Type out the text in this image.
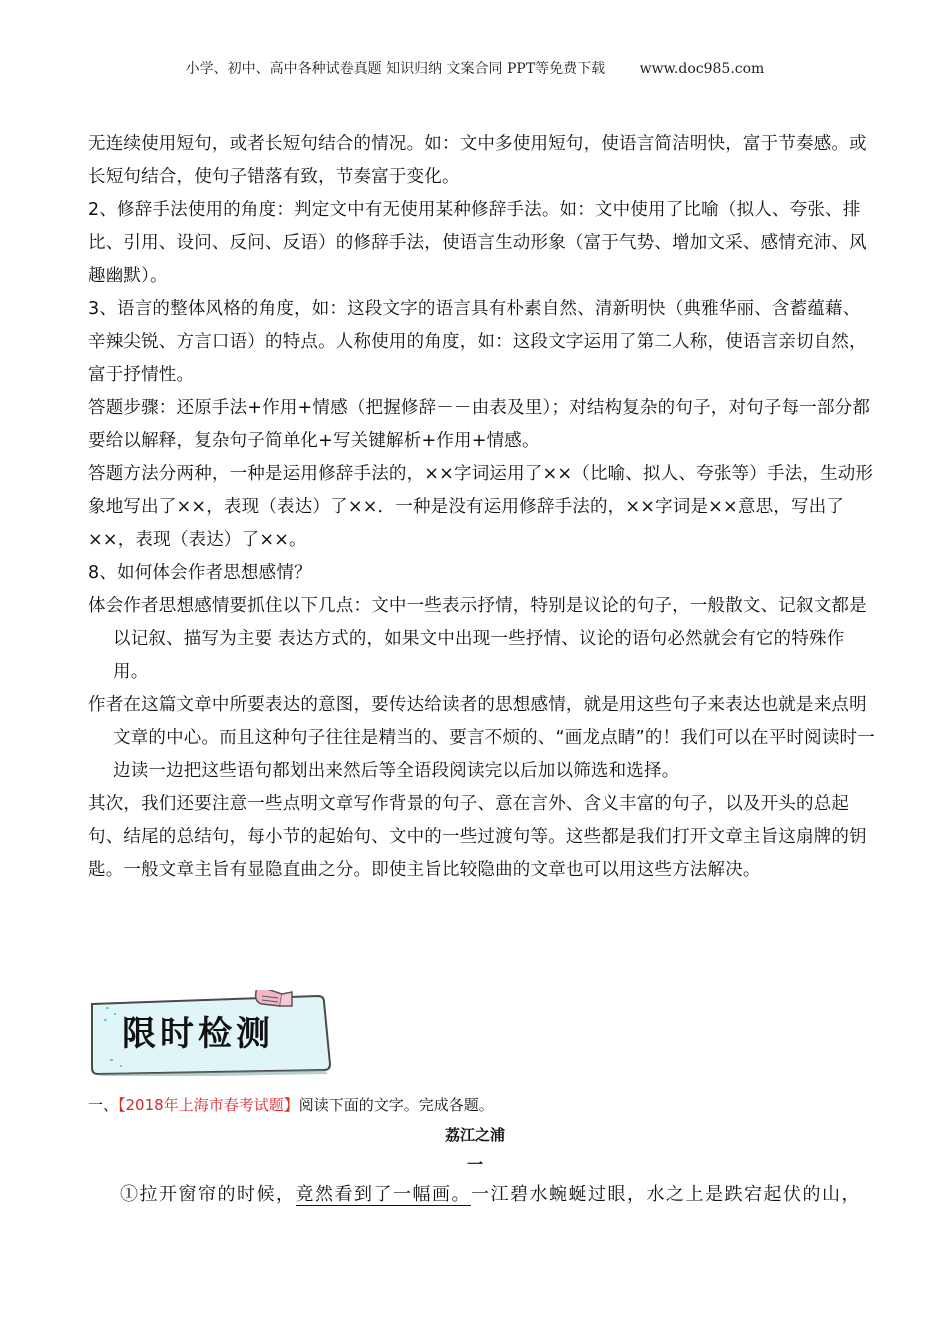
小学、初中、高中各种试卷真题 知识归纳 文案合同 PPT等免费下载 www.doc985.com

无连续使用短句，或者长短句结合的情况。如：文中多使用短句，使语言简洁明快，富于节奏感。或长短句结合，使句子错落有致，节奏富于变化。

2、修辞手法使用的角度：判定文中有无使用某种修辞手法。如：文中使用了比喻（拟人、夸张、排比、引用、设问、反问、反语）的修辞手法，使语言生动形象（富于气势、增加文采、感情充沛、风趣幽默）。

3、语言的整体风格的角度，如：这段文字的语言具有朴素自然、清新明快（典雅华丽、含蓄蕴藉、辛辣尖锐、方言口语）的特点。人称使用的角度，如：这段文字运用了第二人称，使语言亲切自然，富于抒情性。

答题步骤：还原手法+作用+情感（把握修辞－－由表及里）；对结构复杂的句子，对句子每一部分都要给以解释，复杂句子简单化+写关键解析+作用+情感。

答题方法分两种，一种是运用修辞手法的，××字词运用了××（比喻、拟人、夸张等）手法，生动形象地写出了××，表现（表达）了××．一种是没有运用修辞手法的，××字词是××意思，写出了××，表现（表达）了××。

8、如何体会作者思想感情？

体会作者思想感情要抓住以下几点：文中一些表示抒情，特别是议论的句子，一般散文、记叙文都是以记叙、描写为主要 表达方式的，如果文中出现一些抒情、议论的语句必然就会有它的特殊作用。

作者在这篇文章中所要表达的意图，要传达给读者的思想感情，就是用这些句子来表达也就是来点明文章的中心。而且这种句子往往是精当的、要言不烦的、“画龙点睛”的！我们可以在平时阅读时一边读一边把这些语句都划出来然后等全语段阅读完以后加以筛选和选择。

其次，我们还要注意一些点明文章写作背景的句子、意在言外、含义丰富的句子，以及开头的总起句、结尾的总结句，每小节的起始句、文中的一些过渡句等。这些都是我们打开文章主旨这扇牌的钥匙。一般文章主旨有显隐直曲之分。即使主旨比较隐曲的文章也可以用这些方法解决。

限时检测
一、【2018年上海市春考试题】阅读下面的文字。完成各题。
荔江之浦
一
①拉开窗帘的时候，竟然看到了一幅画。一江碧水蜿蜒过眼，水之上是跌宕起伏的山，
